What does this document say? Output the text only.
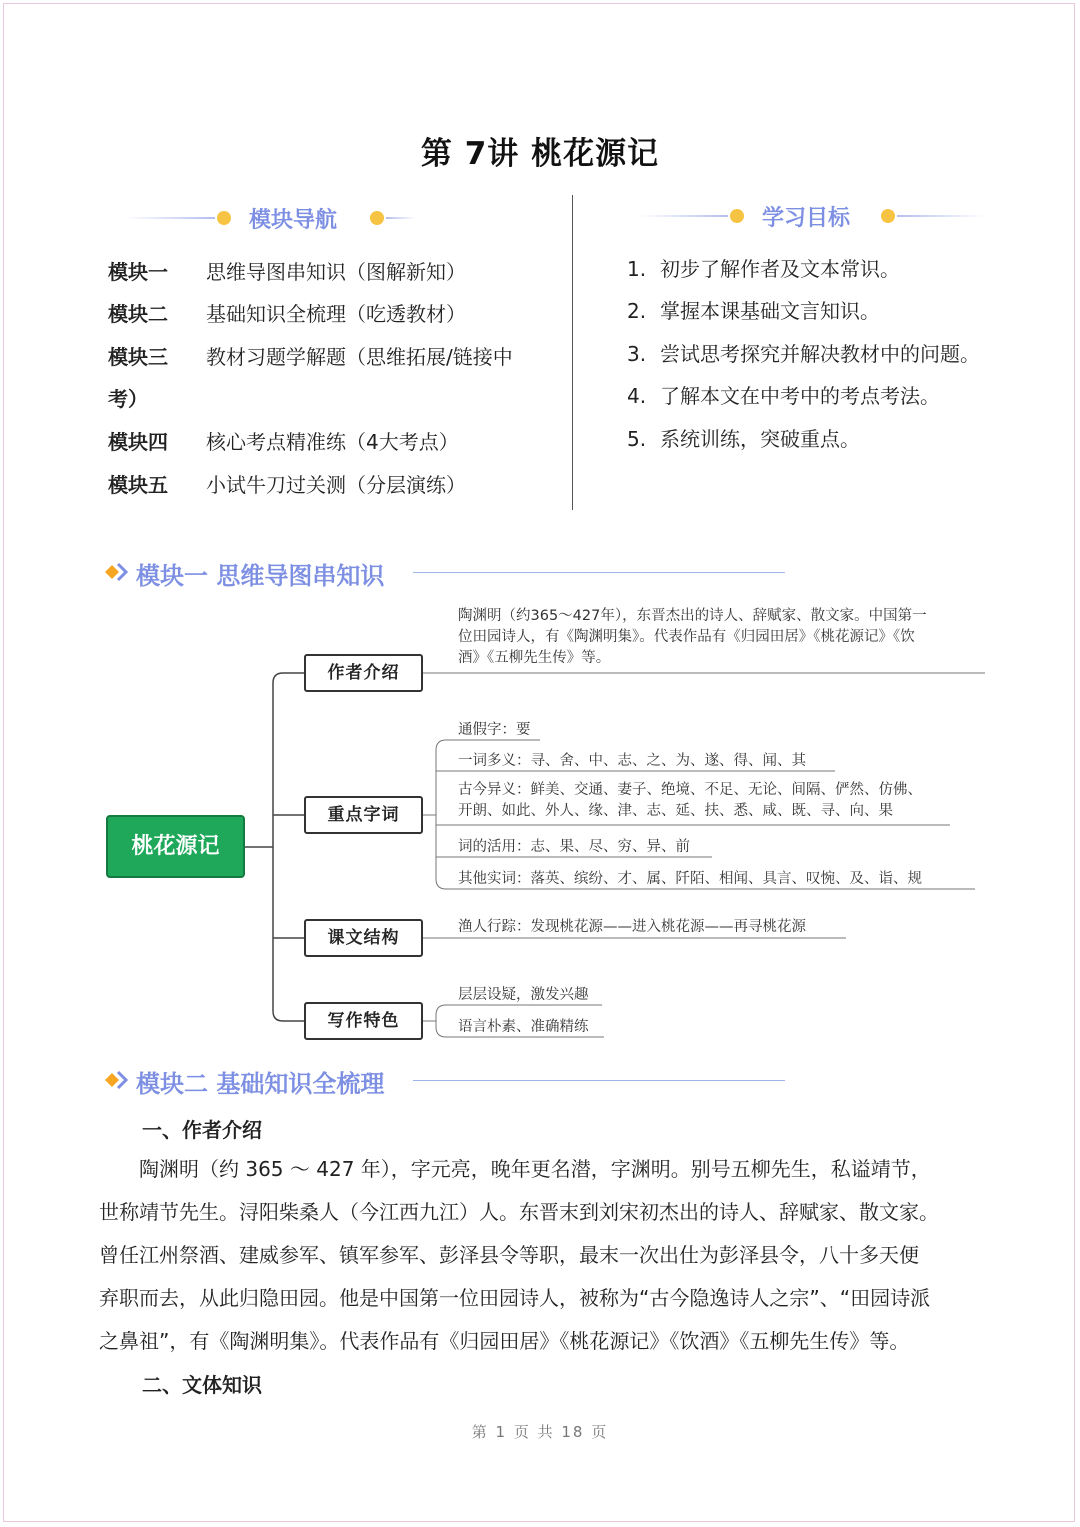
第 7讲 桃花源记
模块导航	学习目标
模块一 思维导图串知识（图解新知）
模块二 基础知识全梳理（吃透教材）
模块三 教材习题学解题（思维拓展/链接中
考）
模块四 核心考点精准练（4大考点）
模块五 小试牛刀过关测（分层演练）
1. 初步了解作者及文本常识。
2. 掌握本课基础文言知识。
3. 尝试思考探究并解决教材中的问题。
4. 了解本文在中考中的考点考法。
5. 系统训练，突破重点。
模块一 思维导图串知识
桃花源记
作者介绍
重点字词
课文结构
写作特色
陶渊明（约365～427年），东晋杰出的诗人、辞赋家、散文家。中国第一
位田园诗人，有《陶渊明集》。代表作品有《归园田居》《桃花源记》《饮
酒》《五柳先生传》等。
通假字：要
一词多义：寻、舍、中、志、之、为、遂、得、闻、其
古今异义：鲜美、交通、妻子、绝境、不足、无论、间隔、俨然、仿佛、
开朗、如此、外人、缘、津、志、延、扶、悉、咸、既、寻、向、果
词的活用：志、果、尽、穷、异、前
其他实词：落英、缤纷、才、属、阡陌、相闻、具言、叹惋、及、诣、规
渔人行踪：发现桃花源——进入桃花源——再寻桃花源
层层设疑，激发兴趣
语言朴素、准确精练
模块二 基础知识全梳理
一、作者介绍

　　陶渊明（约 365 ～ 427 年），字元亮，晚年更名潜，字渊明。别号五柳先生，私谥靖节，

世称靖节先生。浔阳柴桑人（今江西九江）人。东晋末到刘宋初杰出的诗人、辞赋家、散文家。

曾任江州祭酒、建威参军、镇军参军、彭泽县令等职，最末一次出仕为彭泽县令，八十多天便

弃职而去，从此归隐田园。他是中国第一位田园诗人，被称为“古今隐逸诗人之宗”、“田园诗派

之鼻祖”，有《陶渊明集》。代表作品有《归园田居》《桃花源记》《饮酒》《五柳先生传》等。

二、文体知识
第 1 页 共 18 页
